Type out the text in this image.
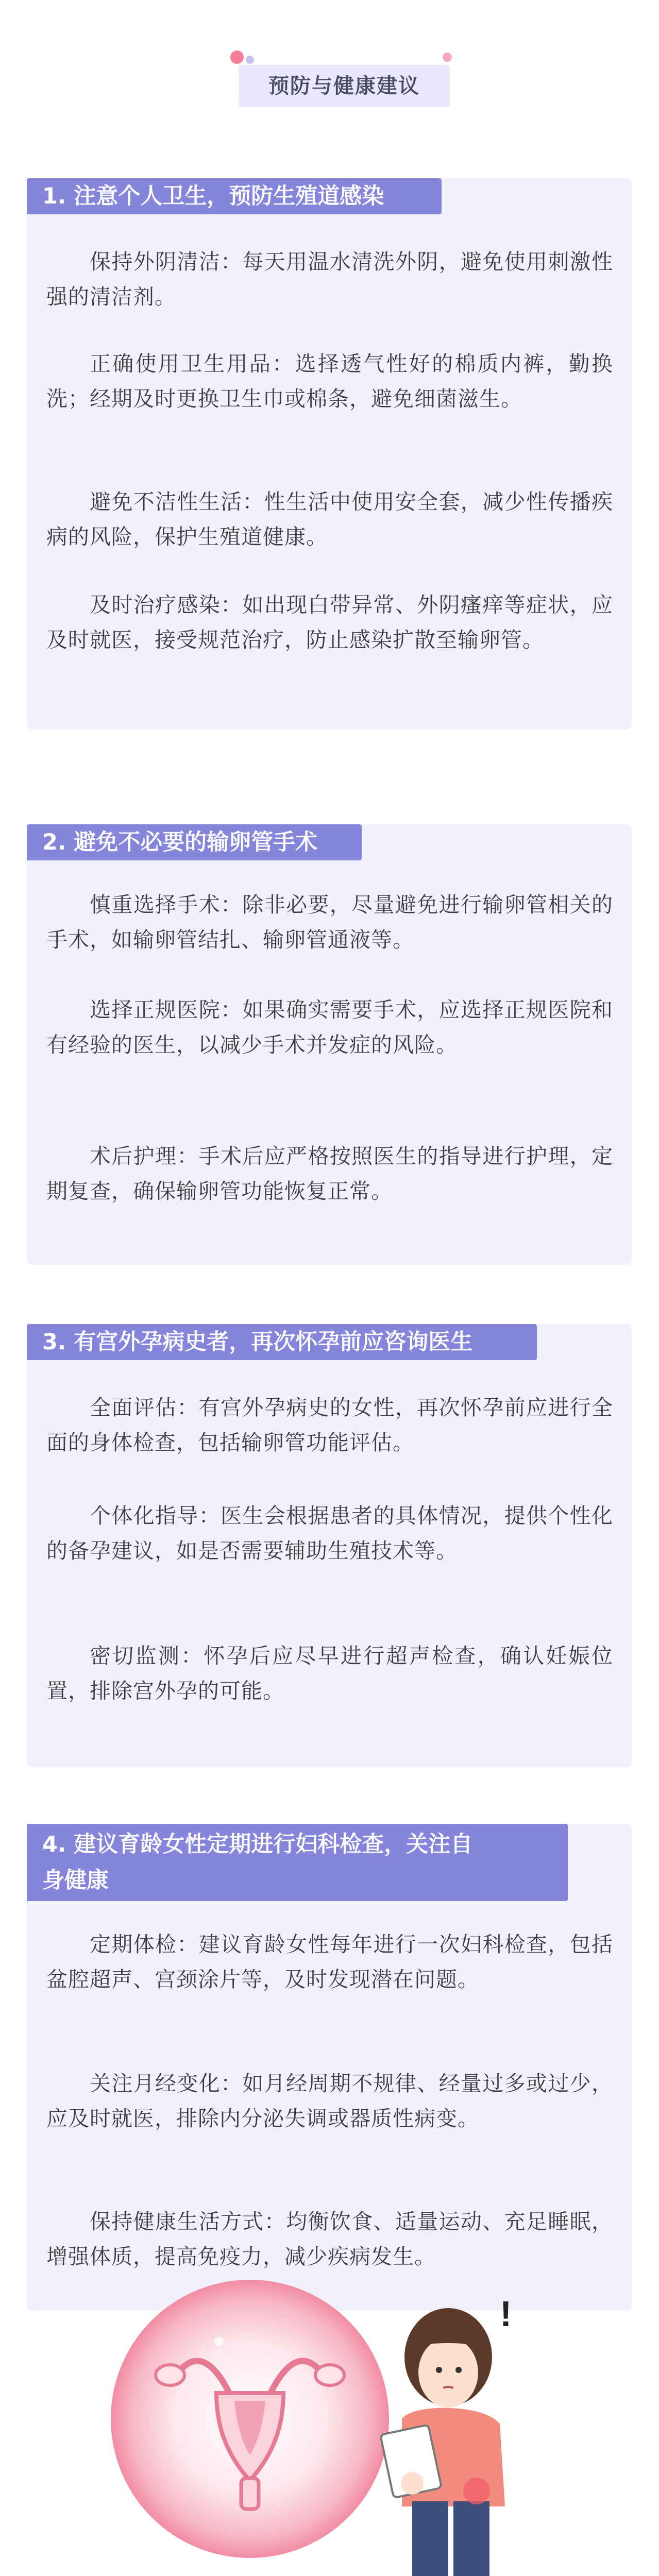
预防与健康建议
1. 注意个人卫生，预防生殖道感染
保持外阴清洁：每天用温水清洗外阴，避免使用刺激性强的清洁剂。
正确使用卫生用品：选择透气性好的棉质内裤，勤换洗；经期及时更换卫生巾或棉条，避免细菌滋生。
避免不洁性生活：性生活中使用安全套，减少性传播疾病的风险，保护生殖道健康。
及时治疗感染：如出现白带异常、外阴瘙痒等症状，应及时就医，接受规范治疗，防止感染扩散至输卵管。
2. 避免不必要的输卵管手术
慎重选择手术：除非必要，尽量避免进行输卵管相关的手术，如输卵管结扎、输卵管通液等。
选择正规医院：如果确实需要手术，应选择正规医院和有经验的医生，以减少手术并发症的风险。
术后护理：手术后应严格按照医生的指导进行护理，定期复查，确保输卵管功能恢复正常。
3. 有宫外孕病史者，再次怀孕前应咨询医生
全面评估：有宫外孕病史的女性，再次怀孕前应进行全面的身体检查，包括输卵管功能评估。
个体化指导：医生会根据患者的具体情况，提供个性化的备孕建议，如是否需要辅助生殖技术等。
密切监测：怀孕后应尽早进行超声检查，确认妊娠位置，排除宫外孕的可能。
4. 建议育龄女性定期进行妇科检查，关注自
身健康
定期体检：建议育龄女性每年进行一次妇科检查，包括盆腔超声、宫颈涂片等，及时发现潜在问题。
关注月经变化：如月经周期不规律、经量过多或过少，应及时就医，排除内分泌失调或器质性病变。
保持健康生活方式：均衡饮食、适量运动、充足睡眠，增强体质，提高免疫力，减少疾病发生。
!
